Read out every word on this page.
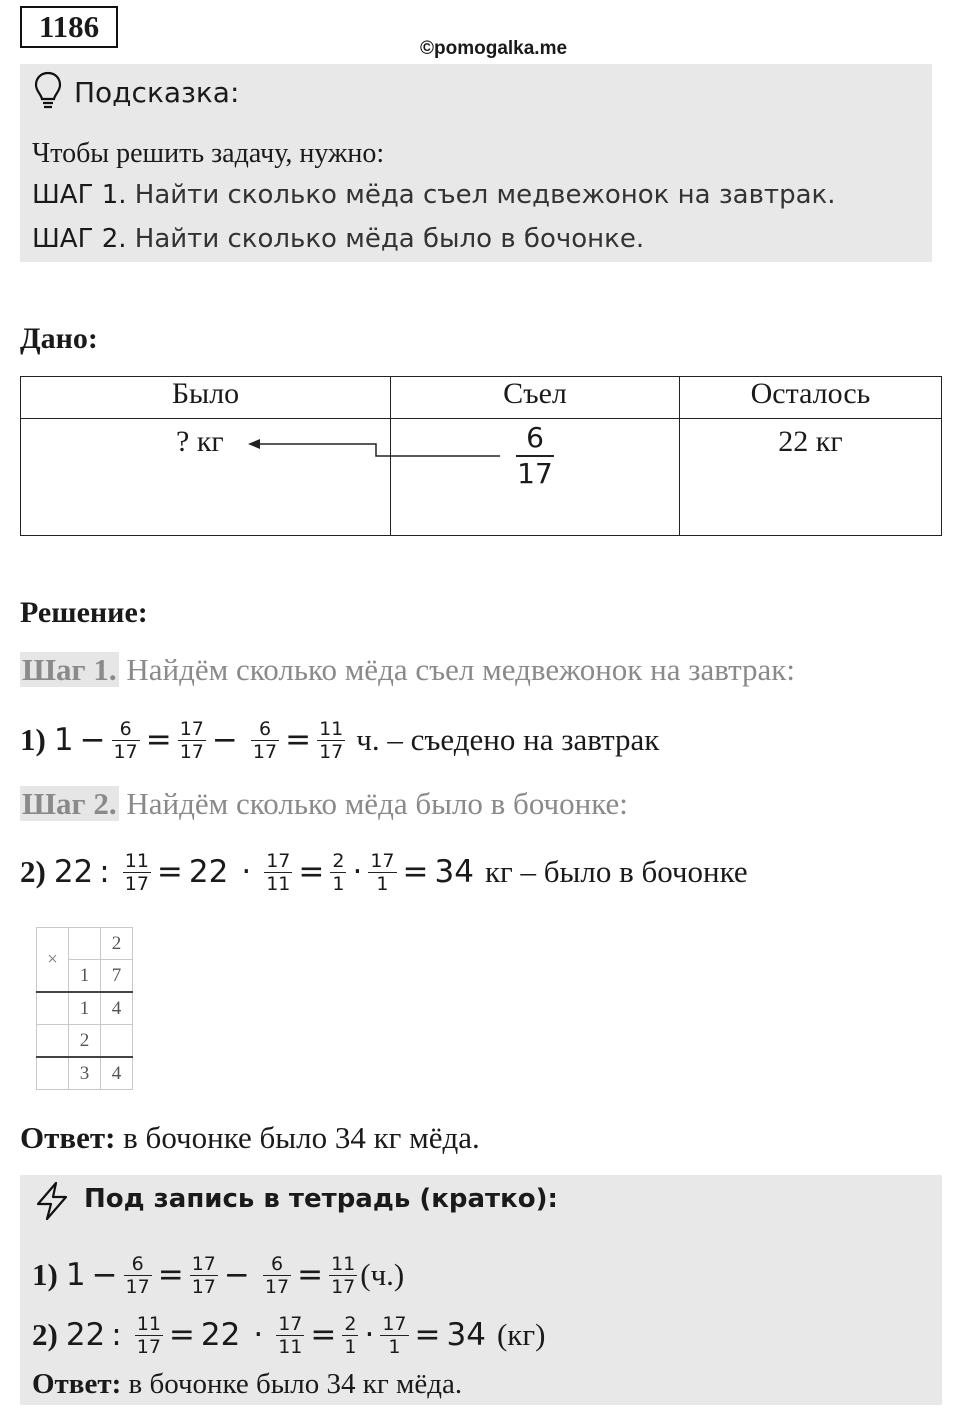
1186
©pomogalka.me
Подсказка:
Чтобы решить задачу, нужно:
ШАГ 1. Найти сколько мёда съел медвежонок на завтрак.
ШАГ 2. Найти сколько мёда было в бочонке.
Дано:
Было	Съел	Осталось

? кг	$\frac{6}{17}$	22 кг
Решение:
Шаг 1. Найдём сколько мёда съел медвежонок на завтрак:
1) $1 - \frac{6}{17} = \frac{17}{17} - \frac{6}{17} = \frac{11}{17} ч$. – съедено на завтрак
Шаг 2. Найдём сколько мёда было в бочонке:
2) 22 : $\frac{11}{17} = 22 \cdot \frac{17}{11} = \frac{2}{1} \cdot \frac{17}{1} = 34$ кг – было в бочонке
×		2
	1	7
	1	4
	2	
	3	4
Ответ: в бочонке было 34 кг мёда.
Под запись в тетрадь (кратко):
1) $1 - \frac{6}{17} = \frac{17}{17} - \frac{6}{17} = \frac{11}{17} (ч.)$
2) 22 : $\frac{11}{17} = 22 \cdot \frac{17}{11} = \frac{2}{1} \cdot \frac{17}{1} = 34$ (кг)
Ответ: в бочонке было 34 кг мёда.
